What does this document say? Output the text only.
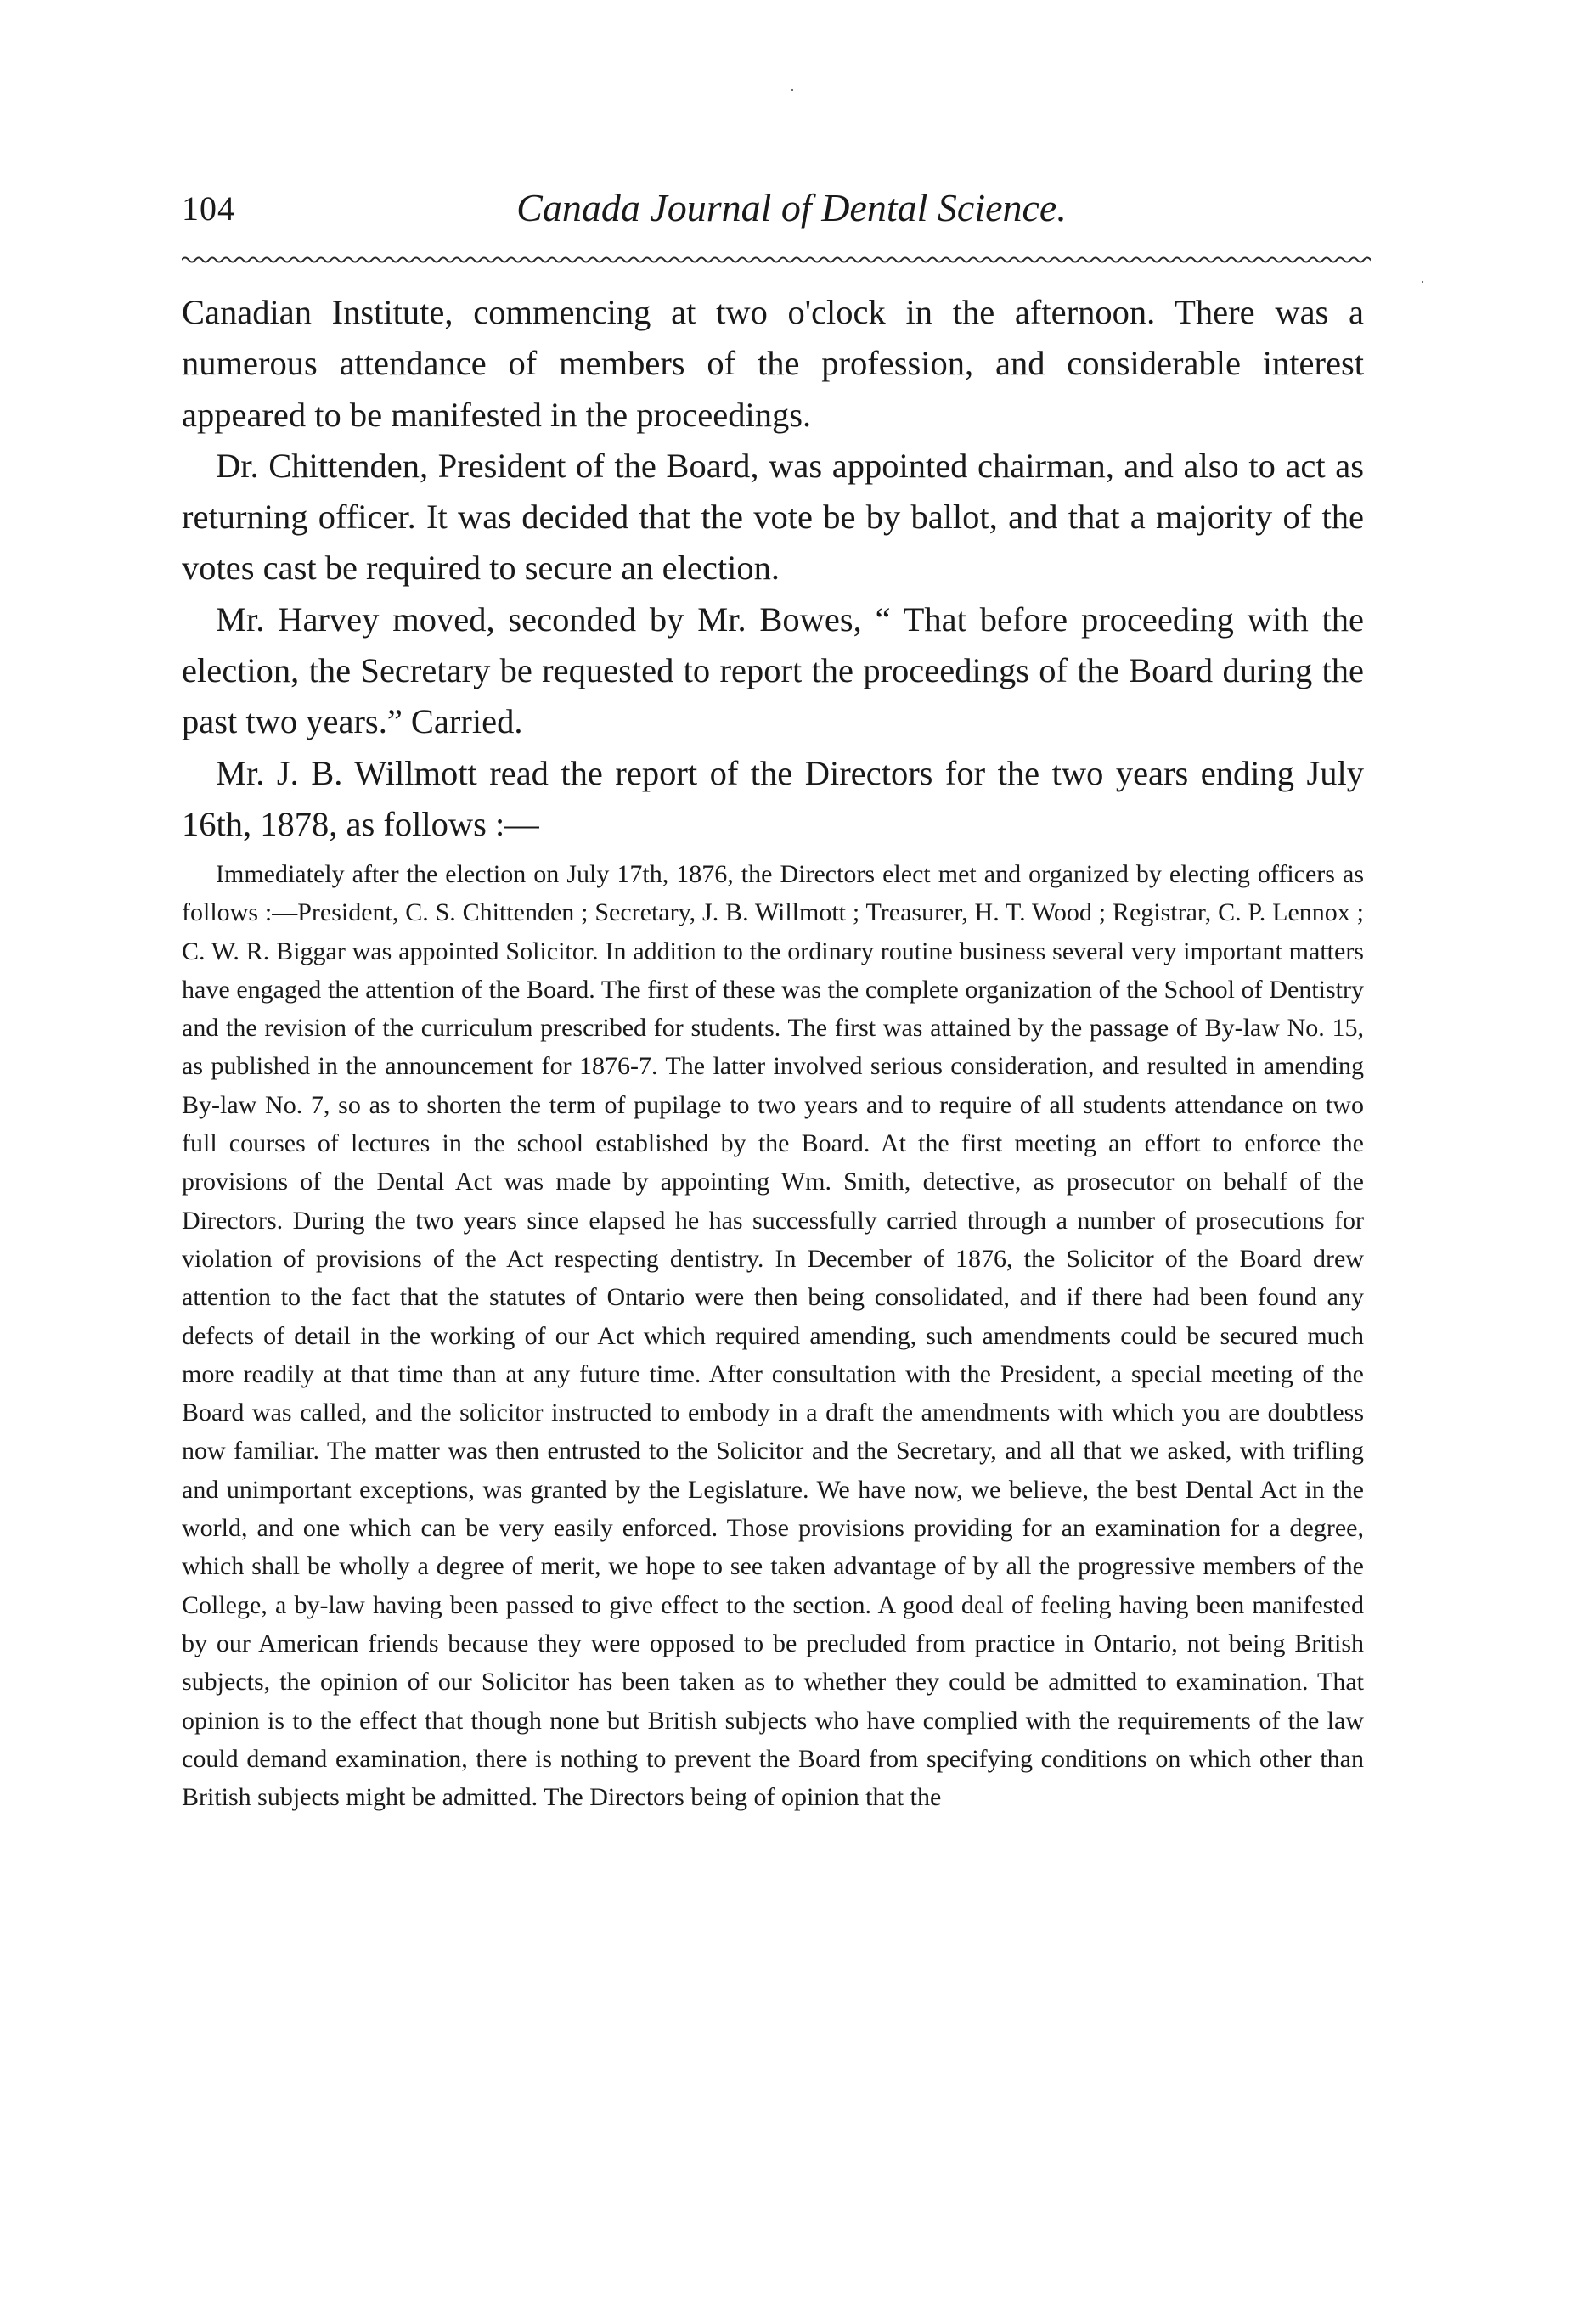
·
·
104	Canada Journal of Dental Science.

Canadian Institute, commencing at two o'clock in the afternoon. There was a numerous attendance of members of the profession, and considerable interest appeared to be manifested in the proceedings.

Dr. Chittenden, President of the Board, was appointed chairman, and also to act as returning officer. It was decided that the vote be by ballot, and that a majority of the votes cast be required to secure an election.

Mr. Harvey moved, seconded by Mr. Bowes, “ That before proceeding with the election, the Secretary be requested to report the proceedings of the Board during the past two years.” Carried.

Mr. J. B. Willmott read the report of the Directors for the two years ending July 16th, 1878, as follows :—

Immediately after the election on July 17th, 1876, the Directors elect met and organized by electing officers as follows :—President, C. S. Chittenden ; Secretary, J. B. Willmott ; Treasurer, H. T. Wood ; Registrar, C. P. Lennox ; C. W. R. Biggar was appointed Solicitor. In addition to the ordinary routine business several very important matters have engaged the attention of the Board. The first of these was the complete organization of the School of Dentistry and the revision of the curriculum prescribed for students. The first was attained by the passage of By-law No. 15, as published in the announcement for 1876-7. The latter involved serious consideration, and resulted in amending By-law No. 7, so as to shorten the term of pupilage to two years and to require of all students attendance on two full courses of lectures in the school established by the Board. At the first meeting an effort to enforce the provisions of the Dental Act was made by appointing Wm. Smith, detective, as prosecutor on behalf of the Directors. During the two years since elapsed he has successfully carried through a number of prosecutions for violation of provisions of the Act respecting dentistry. In December of 1876, the Solicitor of the Board drew attention to the fact that the statutes of Ontario were then being consolidated, and if there had been found any defects of detail in the working of our Act which required amending, such amendments could be secured much more readily at that time than at any future time. After consultation with the President, a special meeting of the Board was called, and the solicitor instructed to embody in a draft the amendments with which you are doubtless now familiar. The matter was then entrusted to the Solicitor and the Secretary, and all that we asked, with trifling and unimportant exceptions, was granted by the Legislature. We have now, we believe, the best Dental Act in the world, and one which can be very easily enforced. Those provisions providing for an examination for a degree, which shall be wholly a degree of merit, we hope to see taken advantage of by all the progressive members of the College, a by-law having been passed to give effect to the section. A good deal of feeling having been manifested by our American friends because they were opposed to be precluded from practice in Ontario, not being British subjects, the opinion of our Solicitor has been taken as to whether they could be admitted to examination. That opinion is to the effect that though none but British subjects who have complied with the requirements of the law could demand examination, there is nothing to prevent the Board from specifying conditions on which other than British subjects might be admitted. The Directors being of opinion that the
